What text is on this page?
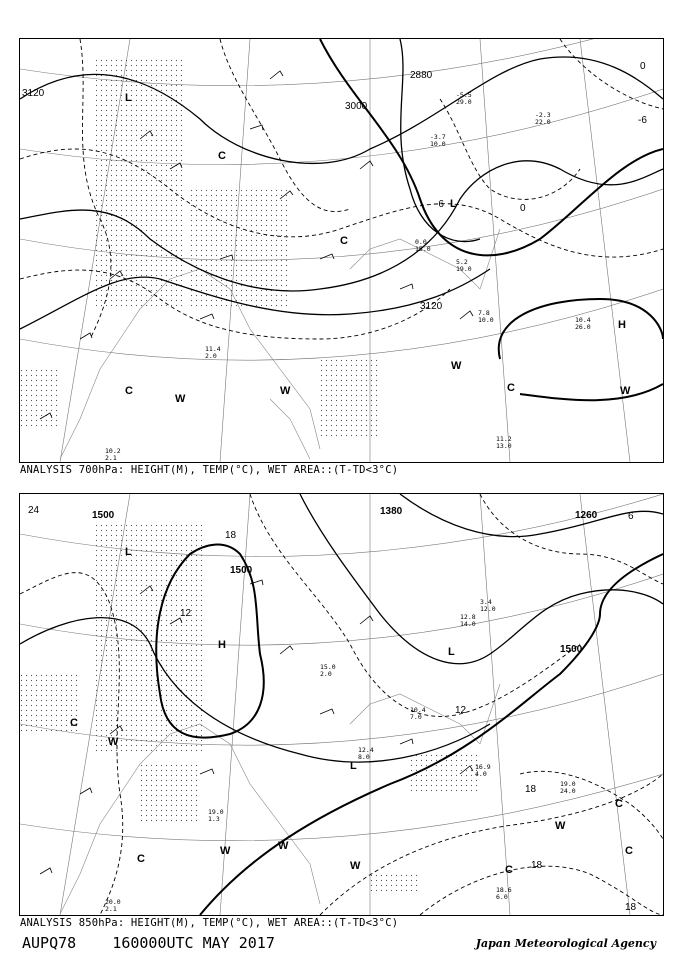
3120
3000
2880
3120
-6	0
-6
0
L
L
H
C
C
C
W
W
W
W
C
10.4 26.0
7.8 10.0
11.2 13.0
-5.5 29.0
-2.3 22.0
10.2 2.1
11.4 2.0
-3.7 10.0
0.0 15.0
5.2 19.0
ANALYSIS 700hPa: HEIGHT(M), TEMP(°C), WET AREA::(T-TD<3°C)
1500
1500
1500
1380	1260
24
18
12
12
18
18
18
6
L
H
L
L
C
C
C
C
C
W
W	W
W
W
19.0 24.0
18.6 6.0
16.9 4.0
12.4 8.0
20.0 2.1
10.4 7.0
15.0 2.0
19.0 1.3
3.4 12.0
12.8 14.0
ANALYSIS 850hPa: HEIGHT(M), TEMP(°C), WET AREA::(T-TD<3°C)
AUPQ78 160000UTC MAY 2017	Japan Meteorological Agency
